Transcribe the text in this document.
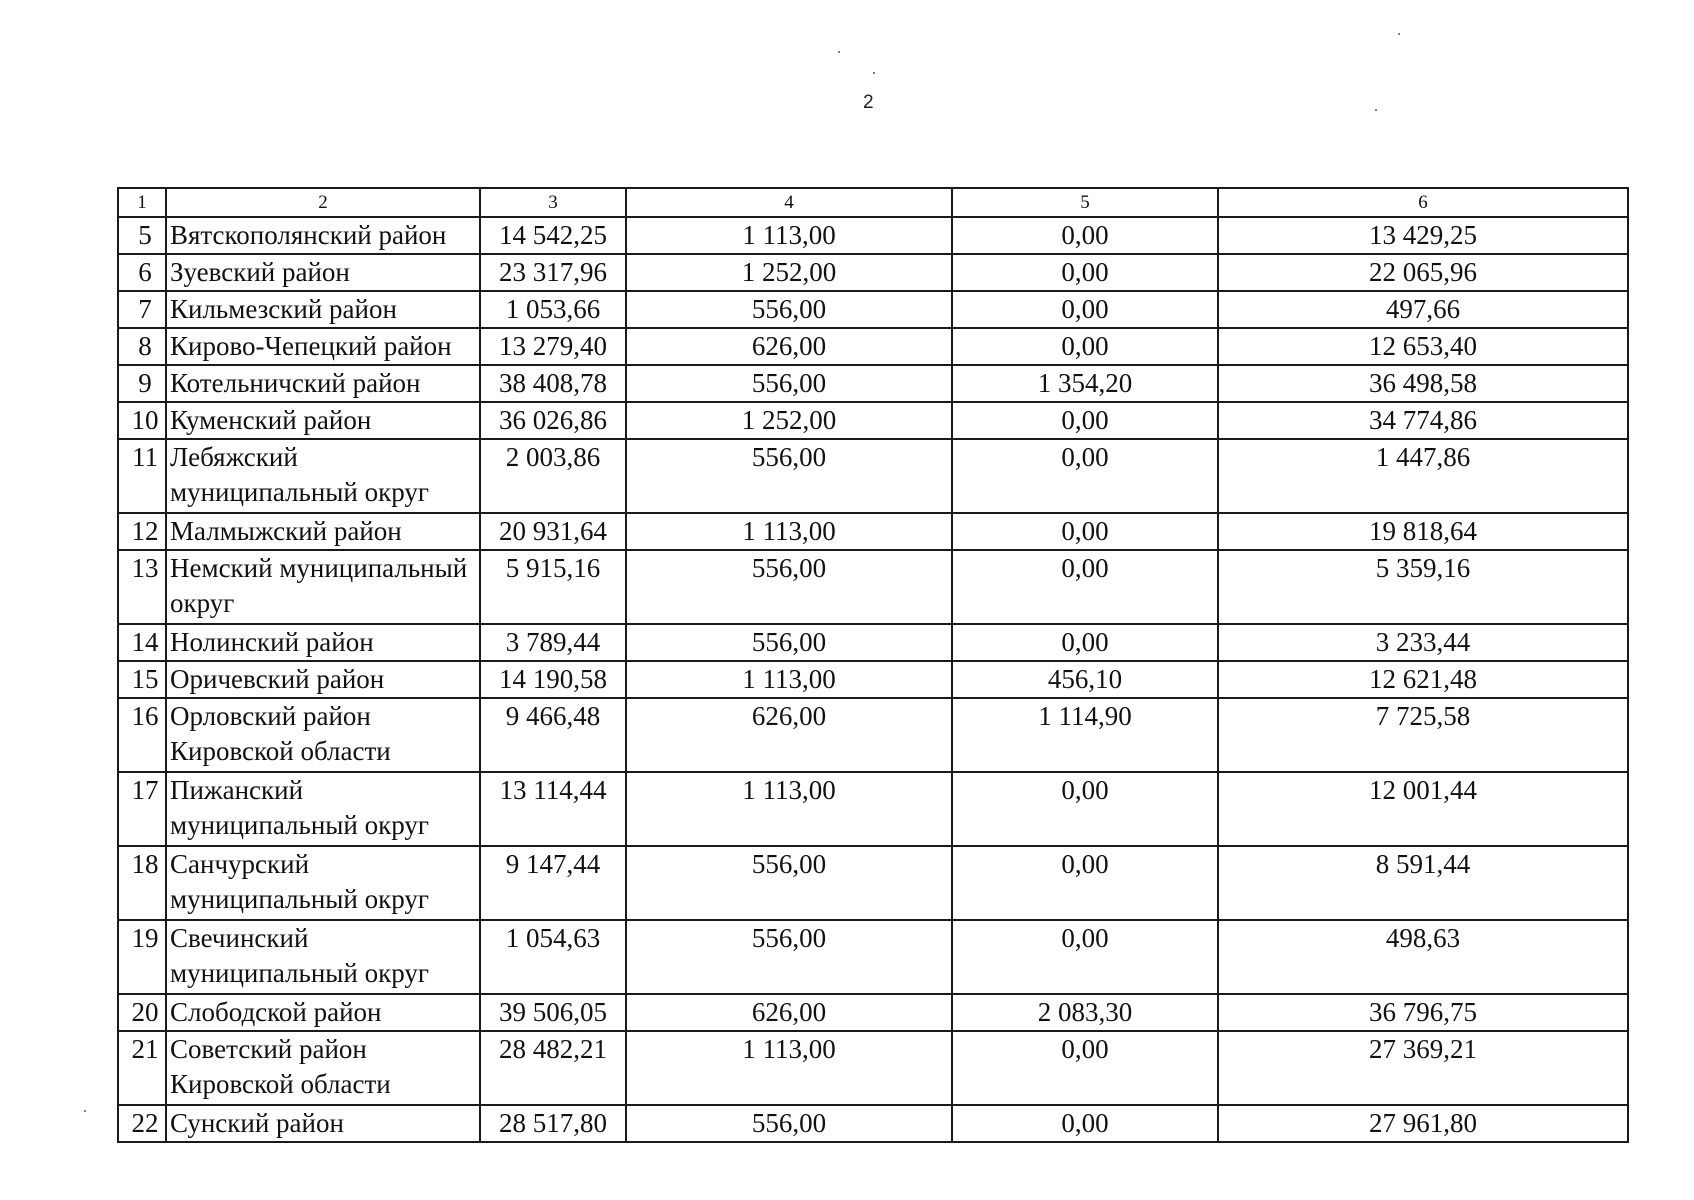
2
1	2	3	4	5	6
5	Вятскополянский район	14 542,25	1 113,00	0,00	13 429,25
6	Зуевский район	23 317,96	1 252,00	0,00	22 065,96
7	Кильмезский район	1 053,66	556,00	0,00	497,66
8	Кирово-Чепецкий район	13 279,40	626,00	0,00	12 653,40
9	Котельничский район	38 408,78	556,00	1 354,20	36 498,58
10	Куменский район	36 026,86	1 252,00	0,00	34 774,86
11	Лебяжский муниципальный округ	2 003,86	556,00	0,00	1 447,86
12	Малмыжский район	20 931,64	1 113,00	0,00	19 818,64
13	Немский муниципальный округ	5 915,16	556,00	0,00	5 359,16
14	Нолинский район	3 789,44	556,00	0,00	3 233,44
15	Оричевский район	14 190,58	1 113,00	456,10	12 621,48
16	Орловский район Кировской области	9 466,48	626,00	1 114,90	7 725,58
17	Пижанский муниципальный округ	13 114,44	1 113,00	0,00	12 001,44
18	Санчурский муниципальный округ	9 147,44	556,00	0,00	8 591,44
19	Свечинский муниципальный округ	1 054,63	556,00	0,00	498,63
20	Слободской район	39 506,05	626,00	2 083,30	36 796,75
21	Советский район Кировской области	28 482,21	1 113,00	0,00	27 369,21
22	Сунский район	28 517,80	556,00	0,00	27 961,80
